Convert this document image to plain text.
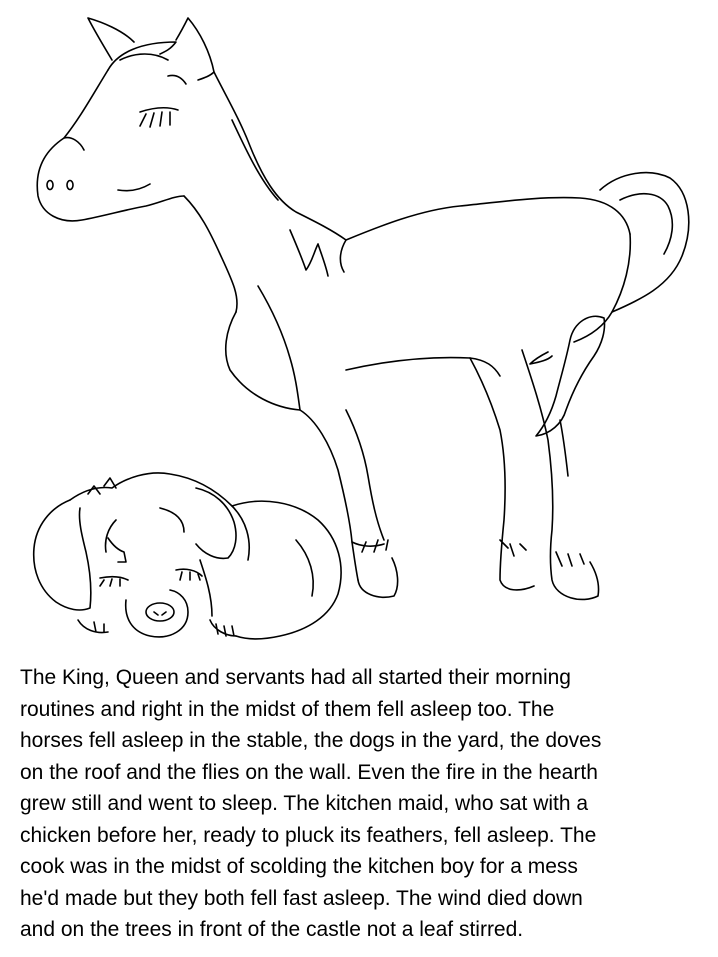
The King, Queen and servants had all started their morning
routines and right in the midst of them fell asleep too. The
horses fell asleep in the stable, the dogs in the yard, the doves
on the roof and the flies on the wall. Even the fire in the hearth
grew still and went to sleep. The kitchen maid, who sat with a
chicken before her, ready to pluck its feathers, fell asleep. The
cook was in the midst of scolding the kitchen boy for a mess
he'd made but they both fell fast asleep. The wind died down
and on the trees in front of the castle not a leaf stirred.
